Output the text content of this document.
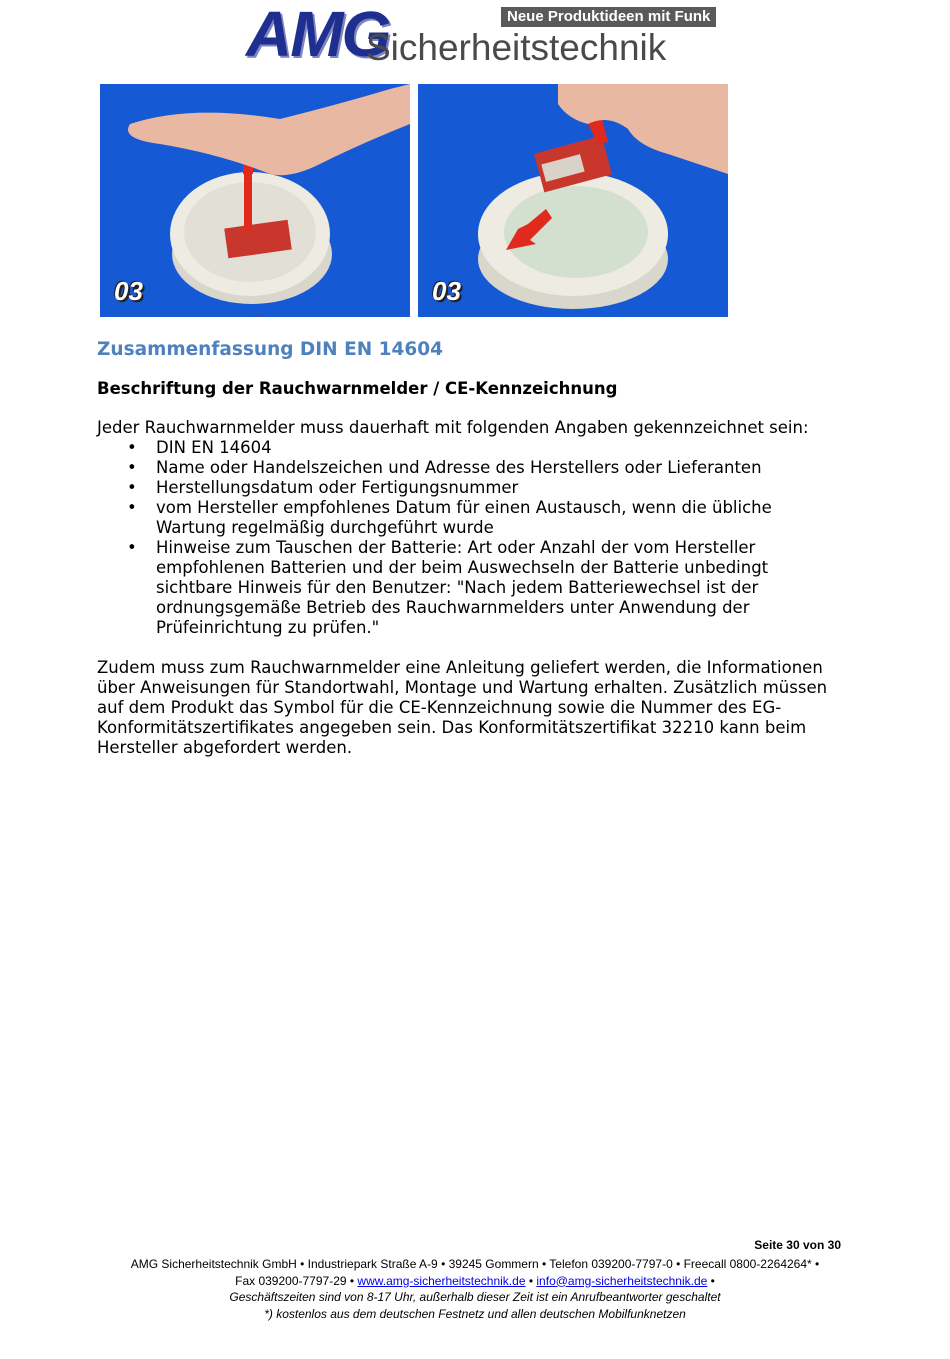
AMG	Neue Produktideen mit Funk
Sicherheitstechnik
03	03
Zusammenfassung DIN EN 14604
Beschriftung der Rauchwarnmelder / CE-Kennzeichnung

Jeder Rauchwarnmelder muss dauerhaft mit folgenden Angaben gekennzeichnet sein:

• DIN EN 14604
• Name oder Handelszeichen und Adresse des Herstellers oder Lieferanten
• Herstellungsdatum oder Fertigungsnummer
• vom Hersteller empfohlenes Datum für einen Austausch, wenn die übliche
Wartung regelmäßig durchgeführt wurde
• Hinweise zum Tauschen der Batterie: Art oder Anzahl der vom Hersteller
empfohlenen Batterien und der beim Auswechseln der Batterie unbedingt
sichtbare Hinweis für den Benutzer: "Nach jedem Batteriewechsel ist der
ordnungsgemäße Betrieb des Rauchwarnmelders unter Anwendung der
Prüfeinrichtung zu prüfen."
Zudem muss zum Rauchwarnmelder eine Anleitung geliefert werden, die Informationen
über Anweisungen für Standortwahl, Montage und Wartung erhalten. Zusätzlich müssen
auf dem Produkt das Symbol für die CE-Kennzeichnung sowie die Nummer des EG-
Konformitätszertifikates angegeben sein. Das Konformitätszertifikat 32210 kann beim
Hersteller abgefordert werden.
Seite 30 von 30
AMG Sicherheitstechnik GmbH • Industriepark Straße A-9 • 39245 Gommern • Telefon 039200-7797-0 • Freecall 0800-2264264* •
Fax 039200-7797-29 • www.amg-sicherheitstechnik.de • info@amg-sicherheitstechnik.de •
Geschäftszeiten sind von 8-17 Uhr, außerhalb dieser Zeit ist ein Anrufbeantworter geschaltet
*) kostenlos aus dem deutschen Festnetz und allen deutschen Mobilfunknetzen
